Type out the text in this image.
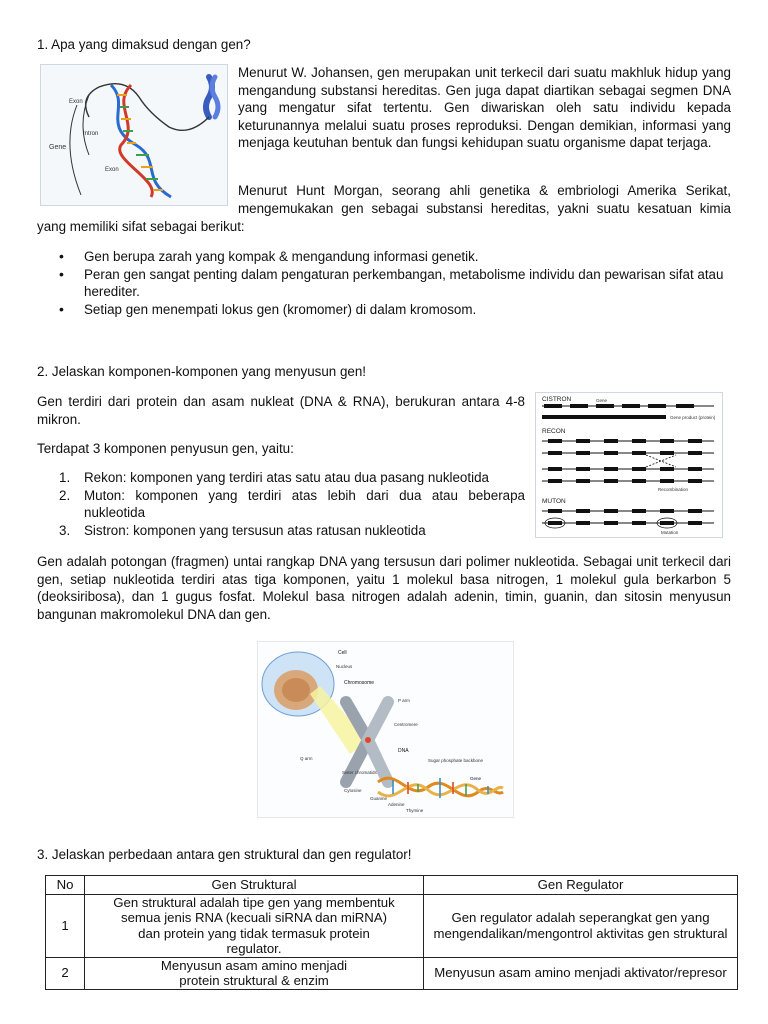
1. Apa yang dimaksud dengan gen?
Exon
Intron
Gene
Exon
Menurut W. Johansen, gen merupakan unit terkecil dari suatu makhluk hidup yang mengandung substansi hereditas. Gen juga dapat diartikan sebagai segmen DNA yang mengatur sifat tertentu. Gen diwariskan oleh satu individu kepada keturunannya melalui suatu proses reproduksi. Dengan demikian, informasi yang menjaga keutuhan bentuk dan fungsi kehidupan suatu organisme dapat terjaga.
Menurut Hunt Morgan, seorang ahli genetika & embriologi Amerika Serikat, mengemukakan gen sebagai substansi hereditas, yakni suatu kesatuan kimia
yang memiliki sifat sebagai berikut:
• Gen berupa zarah yang kompak & mengandung informasi genetik.
• Peran gen sangat penting dalam pengaturan perkembangan, metabolisme individu dan pewarisan sifat atau herediter.
• Setiap gen menempati lokus gen (kromomer) di dalam kromosom.
2. Jelaskan komponen-komponen yang menyusun gen!
Gen terdiri dari protein dan asam nukleat (DNA & RNA), berukuran antara 4-8 mikron.
Terdapat 3 komponen penyusun gen, yaitu:
1. Rekon: komponen yang terdiri atas satu atau dua pasang nukleotida
2. Muton: komponen yang terdiri atas lebih dari dua atau beberapa nukleotida
3. Sistron: komponen yang tersusun atas ratusan nukleotida
CISTRON	Gene
Gene product (protein)
RECON
Recombination
MUTON
Mutation
Gen adalah potongan (fragmen) untai rangkap DNA yang tersusun dari polimer nukleotida. Sebagai unit terkecil dari gen, setiap nukleotida terdiri atas tiga komponen, yaitu 1 molekul basa nitrogen, 1 molekul gula berkarbon 5 (deoksiribosa), dan 1 gugus fosfat. Molekul basa nitrogen adalah adenin, timin, guanin, dan sitosin menyusun bangunan makromolekul DNA dan gen.
Cell
Nucleus
Chromosome
P arm
Centromere
Q arm
DNA
Sister chromatids
Sugar phosphate backbone
Gene
Cytosine
Guanine
Adenine
Thymine
3. Jelaskan perbedaan antara gen struktural dan gen regulator!
No	Gen Struktural	Gen Regulator
1	Gen struktural adalah tipe gen yang membentuk semua jenis RNA (kecuali siRNA dan miRNA) dan protein yang tidak termasuk protein regulator.	Gen regulator adalah seperangkat gen yang mengendalikan/mengontrol aktivitas gen struktural
2	Menyusun asam amino menjadi protein struktural & enzim	Menyusun asam amino menjadi aktivator/represor
